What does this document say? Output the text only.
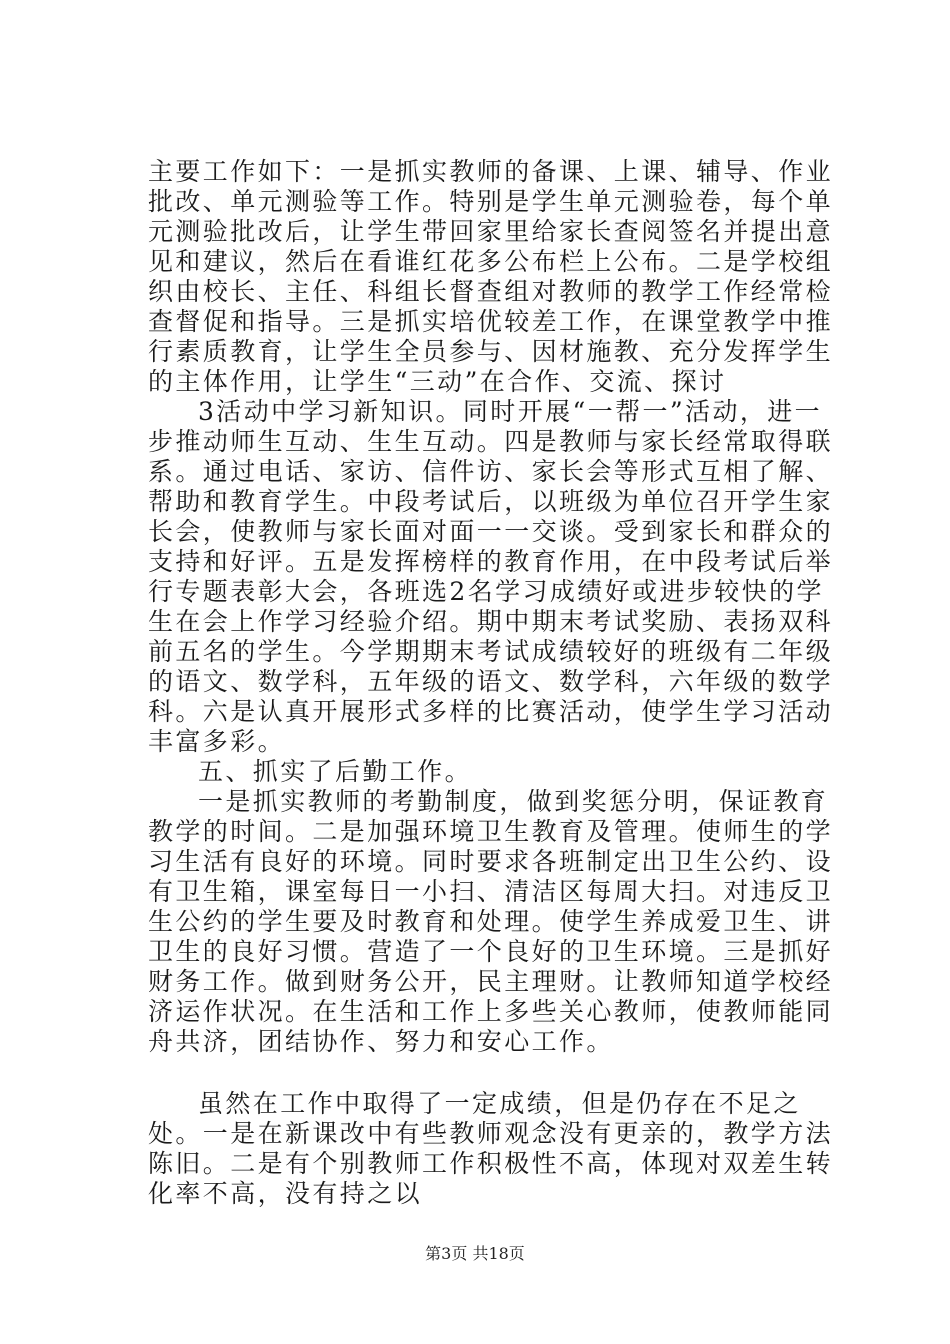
主要工作如下：一是抓实教师的备课、上课、辅导、作业批改、单元测验等工作。特别是学生单元测验卷，每个单元测验批改后，让学生带回家里给家长查阅签名并提出意见和建议，然后在看谁红花多公布栏上公布。二是学校组织由校长、主任、科组长督查组对教师的教学工作经常检查督促和指导。三是抓实培优较差工作，在课堂教学中推行素质教育，让学生全员参与、因材施教、充分发挥学生的主体作用，让学生“三动”在合作、交流、探讨

3活动中学习新知识。同时开展“一帮一”活动，进一步推动师生互动、生生互动。四是教师与家长经常取得联系。通过电话、家访、信件访、家长会等形式互相了解、帮助和教育学生。中段考试后，以班级为单位召开学生家长会，使教师与家长面对面一一交谈。受到家长和群众的支持和好评。五是发挥榜样的教育作用，在中段考试后举行专题表彰大会，各班选2名学习成绩好或进步较快的学生在会上作学习经验介绍。期中期末考试奖励、表扬双科前五名的学生。今学期期末考试成绩较好的班级有二年级的语文、数学科，五年级的语文、数学科，六年级的数学科。六是认真开展形式多样的比赛活动，使学生学习活动丰富多彩。

五、抓实了后勤工作。

一是抓实教师的考勤制度，做到奖惩分明，保证教育教学的时间。二是加强环境卫生教育及管理。使师生的学习生活有良好的环境。同时要求各班制定出卫生公约、设有卫生箱，课室每日一小扫、清洁区每周大扫。对违反卫生公约的学生要及时教育和处理。使学生养成爱卫生、讲卫生的良好习惯。营造了一个良好的卫生环境。三是抓好财务工作。做到财务公开，民主理财。让教师知道学校经济运作状况。在生活和工作上多些关心教师，使教师能同舟共济，团结协作、努力和安心工作。

虽然在工作中取得了一定成绩，但是仍存在不足之处。一是在新课改中有些教师观念没有更亲的，教学方法陈旧。二是有个别教师工作积极性不高，体现对双差生转化率不高，没有持之以

第3页 共18页
